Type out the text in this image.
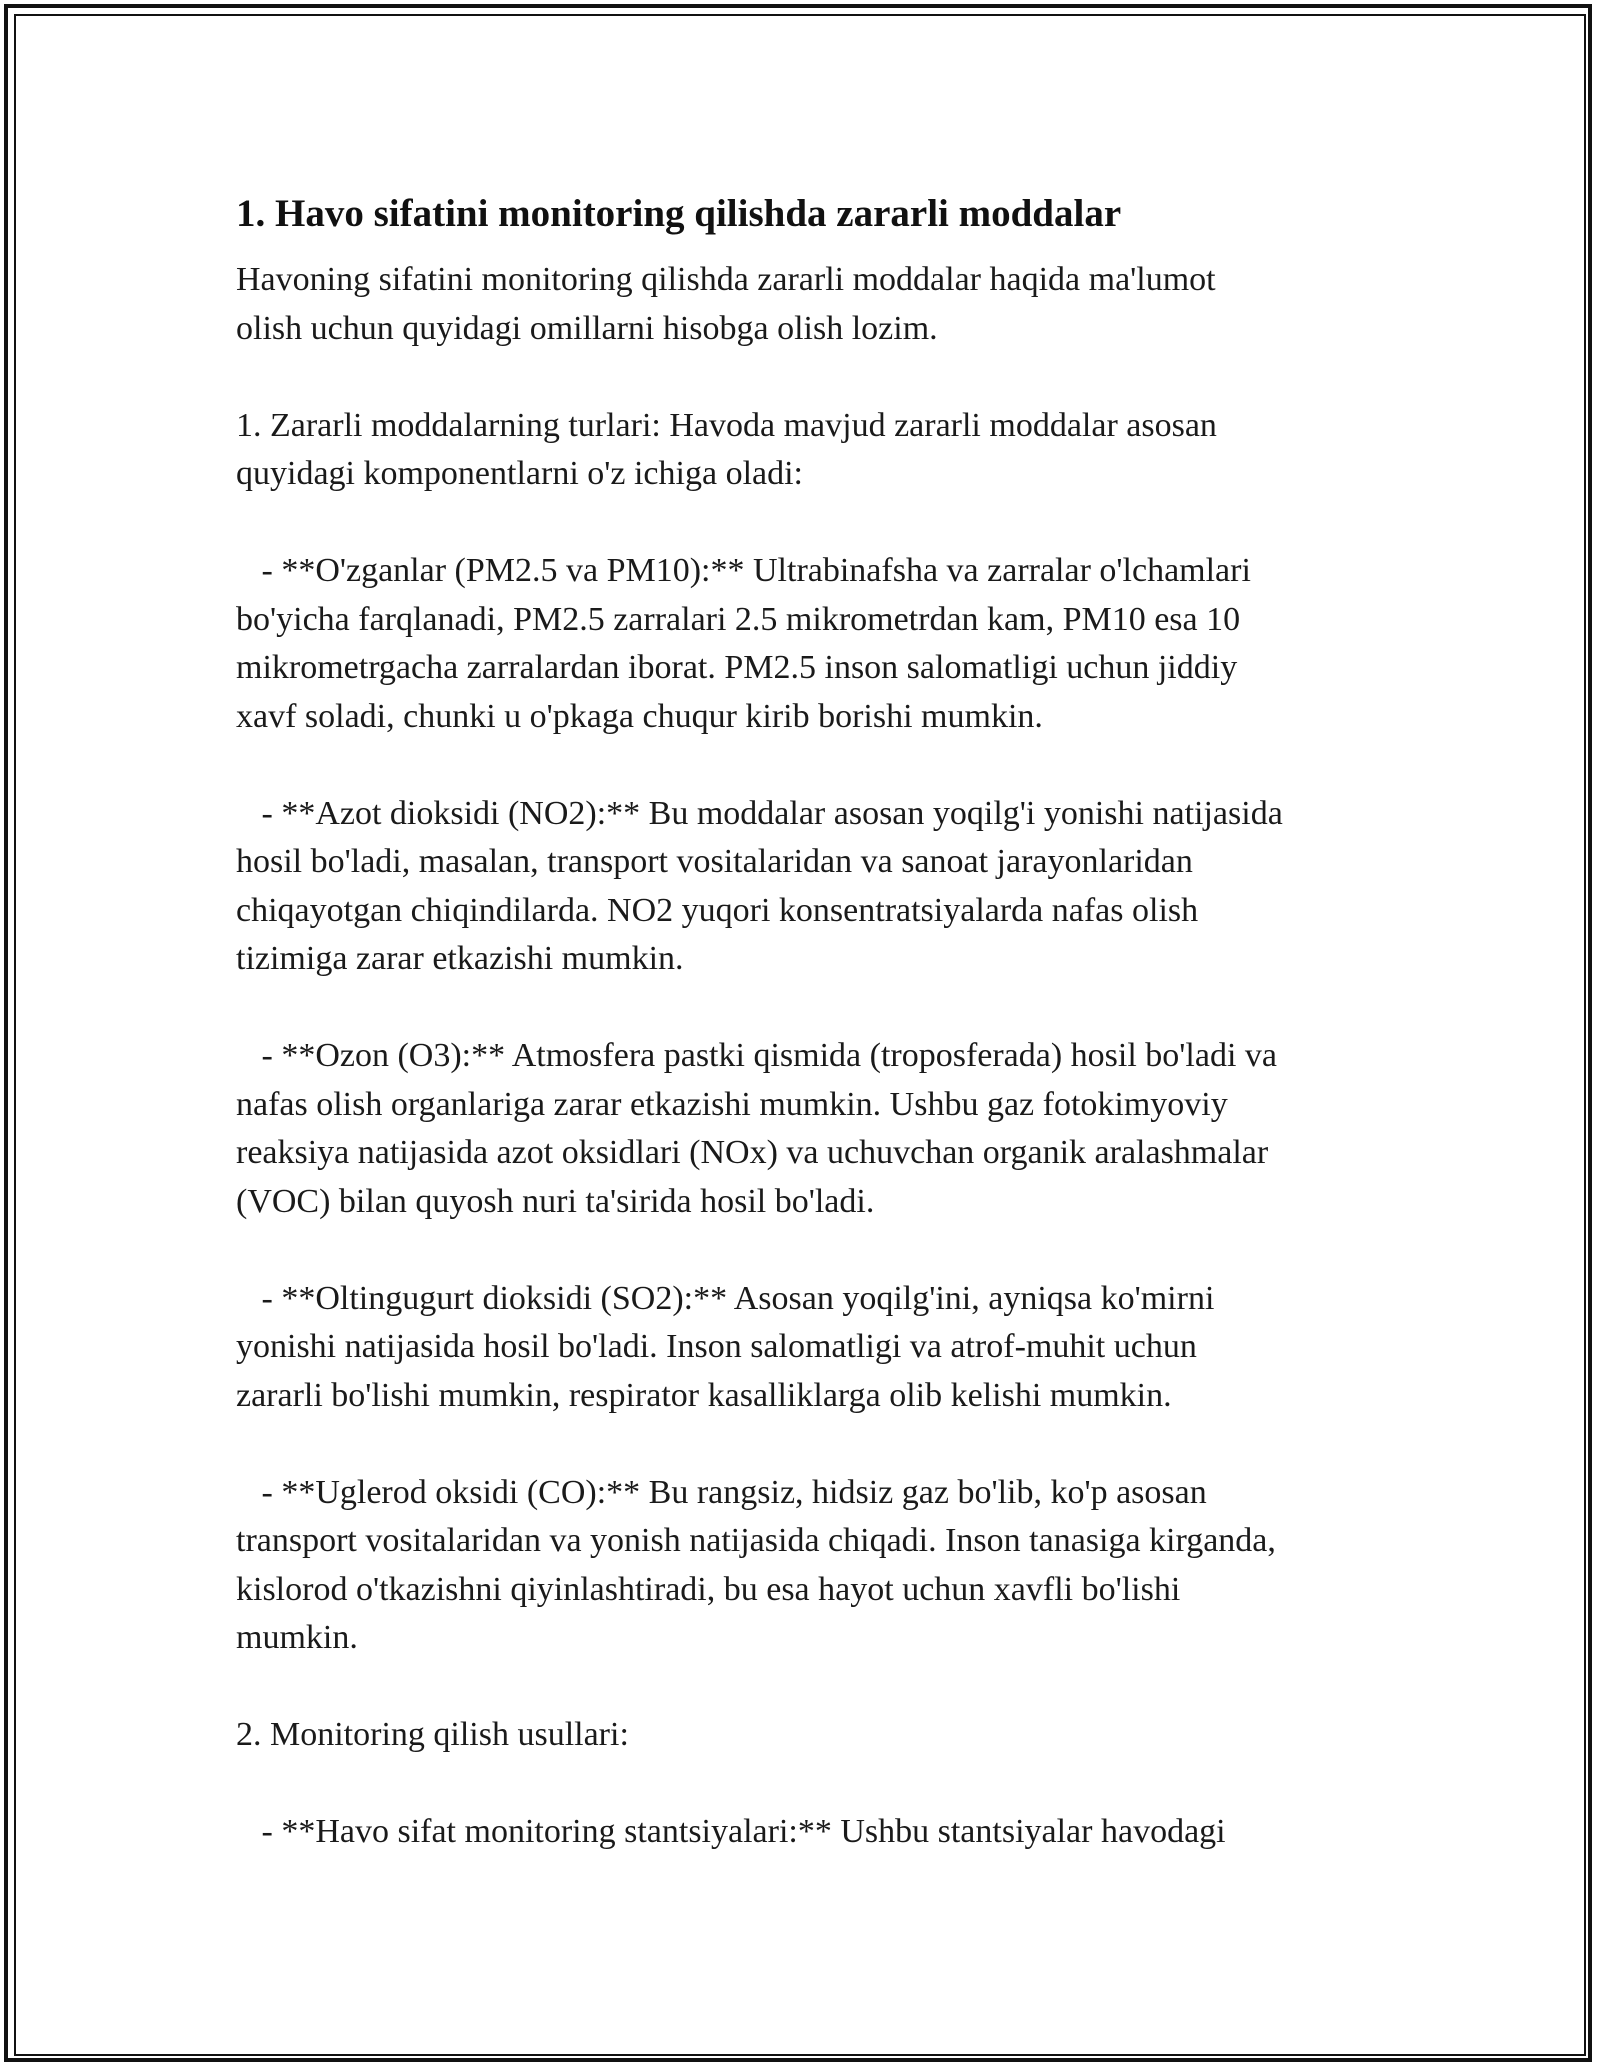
1. Havo sifatini monitoring qilishda zararli moddalar

Havoning sifatini monitoring qilishda zararli moddalar haqida ma'lumot
olish uchun quyidagi omillarni hisobga olish lozim.

1. Zararli moddalarning turlari: Havoda mavjud zararli moddalar asosan
quyidagi komponentlarni o'z ichiga oladi:

- **O'zganlar (PM2.5 va PM10):** Ultrabinafsha va zarralar o'lchamlari
bo'yicha farqlanadi, PM2.5 zarralari 2.5 mikrometrdan kam, PM10 esa 10
mikrometrgacha zarralardan iborat. PM2.5 inson salomatligi uchun jiddiy
xavf soladi, chunki u o'pkaga chuqur kirib borishi mumkin.

- **Azot dioksidi (NO2):** Bu moddalar asosan yoqilg'i yonishi natijasida
hosil bo'ladi, masalan, transport vositalaridan va sanoat jarayonlaridan
chiqayotgan chiqindilarda. NO2 yuqori konsentratsiyalarda nafas olish
tizimiga zarar etkazishi mumkin.

- **Ozon (O3):** Atmosfera pastki qismida (troposferada) hosil bo'ladi va
nafas olish organlariga zarar etkazishi mumkin. Ushbu gaz fotokimyoviy
reaksiya natijasida azot oksidlari (NOx) va uchuvchan organik aralashmalar
(VOC) bilan quyosh nuri ta'sirida hosil bo'ladi.

- **Oltingugurt dioksidi (SO2):** Asosan yoqilg'ini, ayniqsa ko'mirni
yonishi natijasida hosil bo'ladi. Inson salomatligi va atrof-muhit uchun
zararli bo'lishi mumkin, respirator kasalliklarga olib kelishi mumkin.

- **Uglerod oksidi (CO):** Bu rangsiz, hidsiz gaz bo'lib, ko'p asosan
transport vositalaridan va yonish natijasida chiqadi. Inson tanasiga kirganda,
kislorod o'tkazishni qiyinlashtiradi, bu esa hayot uchun xavfli bo'lishi
mumkin.

2. Monitoring qilish usullari:

- **Havo sifat monitoring stantsiyalari:** Ushbu stantsiyalar havodagi
